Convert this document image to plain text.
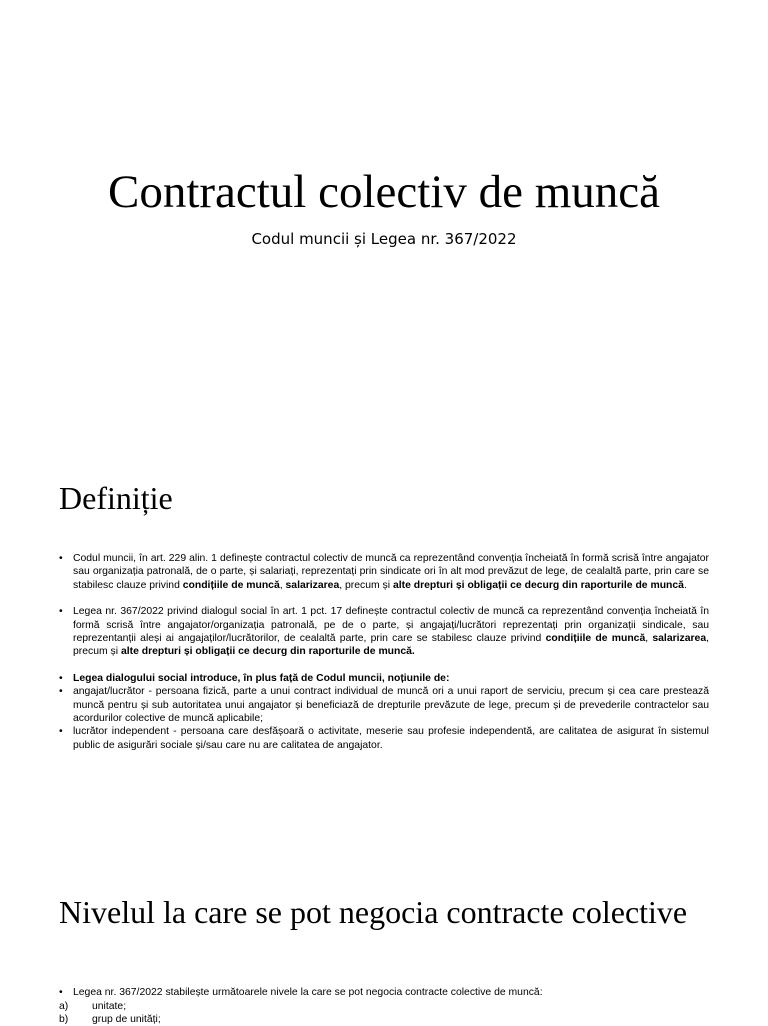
Contractul colectiv de muncă
Codul muncii și Legea nr. 367/2022
Definiție
• Codul muncii, în art. 229 alin. 1 definește contractul colectiv de muncă ca reprezentând convenția încheiată în formă scrisă între angajator sau organizația patronală, de o parte, și salariați, reprezentați prin sindicate ori în alt mod prevăzut de lege, de cealaltă parte, prin care se stabilesc clauze privind condițiile de muncă, salarizarea, precum și alte drepturi și obligații ce decurg din raporturile de muncă.
• Legea nr. 367/2022 privind dialogul social în art. 1 pct. 17 definește contractul colectiv de muncă ca reprezentând convenția încheiată în formă scrisă între angajator/organizația patronală, pe de o parte, și angajați/lucrători reprezentați prin organizații sindicale, sau reprezentanții aleși ai angajaților/lucrătorilor, de cealaltă parte, prin care se stabilesc clauze privind condițiile de muncă, salarizarea, precum și alte drepturi și obligații ce decurg din raporturile de muncă.
• Legea dialogului social introduce, în plus față de Codul muncii, noțiunile de:
• angajat/lucrător - persoana fizică, parte a unui contract individual de muncă ori a unui raport de serviciu, precum și cea care prestează muncă pentru și sub autoritatea unui angajator și beneficiază de drepturile prevăzute de lege, precum și de prevederile contractelor sau acordurilor colective de muncă aplicabile;
• lucrător independent - persoana care desfășoară o activitate, meserie sau profesie independentă, are calitatea de asigurat în sistemul public de asigurări sociale și/sau care nu are calitatea de angajator.
Nivelul la care se pot negocia contracte colective
• Legea nr. 367/2022 stabilește următoarele nivele la care se pot negocia contracte colective de muncă:
a) unitate;
b) grup de unități;
